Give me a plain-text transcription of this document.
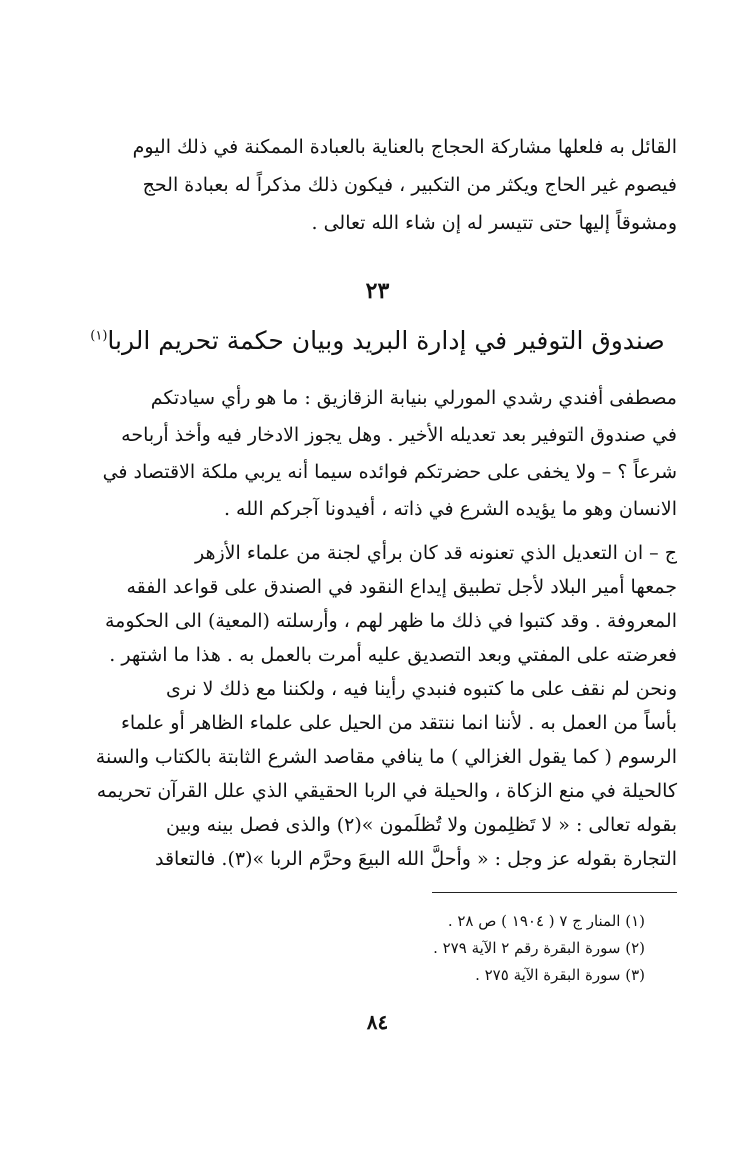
القائل به فلعلها مشاركة الحجاج بالعناية بالعبادة الممكنة في ذلك اليوم
فيصوم غير الحاج ويكثر من التكبير ، فيكون ذلك مذكراً له بعبادة الحج
ومشوقاً إليها حتى تتيسر له إن شاء الله تعالى .
٢٣
صندوق التوفير في إدارة البريد وبيان حكمة تحريم الربا$^{(١)}$
مصطفى أفندي رشدي المورلي بنيابة الزقازيق : ما هو رأي سيادتكم
في صندوق التوفير بعد تعديله الأخير . وهل يجوز الادخار فيه وأخذ أرباحه
شرعاً ؟ – ولا يخفى على حضرتكم فوائده سيما أنه يربي ملكة الاقتصاد في
الانسان وهو ما يؤيده الشرع في ذاته ، أفيدونا آجركم الله .
ج – ان التعديل الذي تعنونه قد كان برأي لجنة من علماء الأزهر
جمعها أمير البلاد لأجل تطبيق إيداع النقود في الصندق على قواعد الفقه
المعروفة . وقد كتبوا في ذلك ما ظهر لهم ، وأرسلته (المعية) الى الحكومة
فعرضته على المفتي وبعد التصديق عليه أمرت بالعمل به . هذا ما اشتهر .
ونحن لم نقف على ما كتبوه فنبدي رأينا فيه ، ولكننا مع ذلك لا نرى
بأساً من العمل به . لأننا انما ننتقد من الحيل على علماء الظاهر أو علماء
الرسوم ( كما يقول الغزالي ) ما ينافي مقاصد الشرع الثابتة بالكتاب والسنة
كالحيلة في منع الزكاة ، والحيلة في الربا الحقيقي الذي علل القرآن تحريمه
بقوله تعالى : « لا تَظلِمون ولا تُظلَمون »(٢) والذى فصل بينه وبين
التجارة بقوله عز وجل : « وأحلَّ الله البيعَ وحرَّم الربا »(٣). فالتعاقد
(١) المنار ج ٧ ( ١٩٠٤ ) ص ٢٨ .
(٢) سورة البقرة رقم ٢ الآية ٢٧٩ .
(٣) سورة البقرة الآية ٢٧٥ .
٨٤
